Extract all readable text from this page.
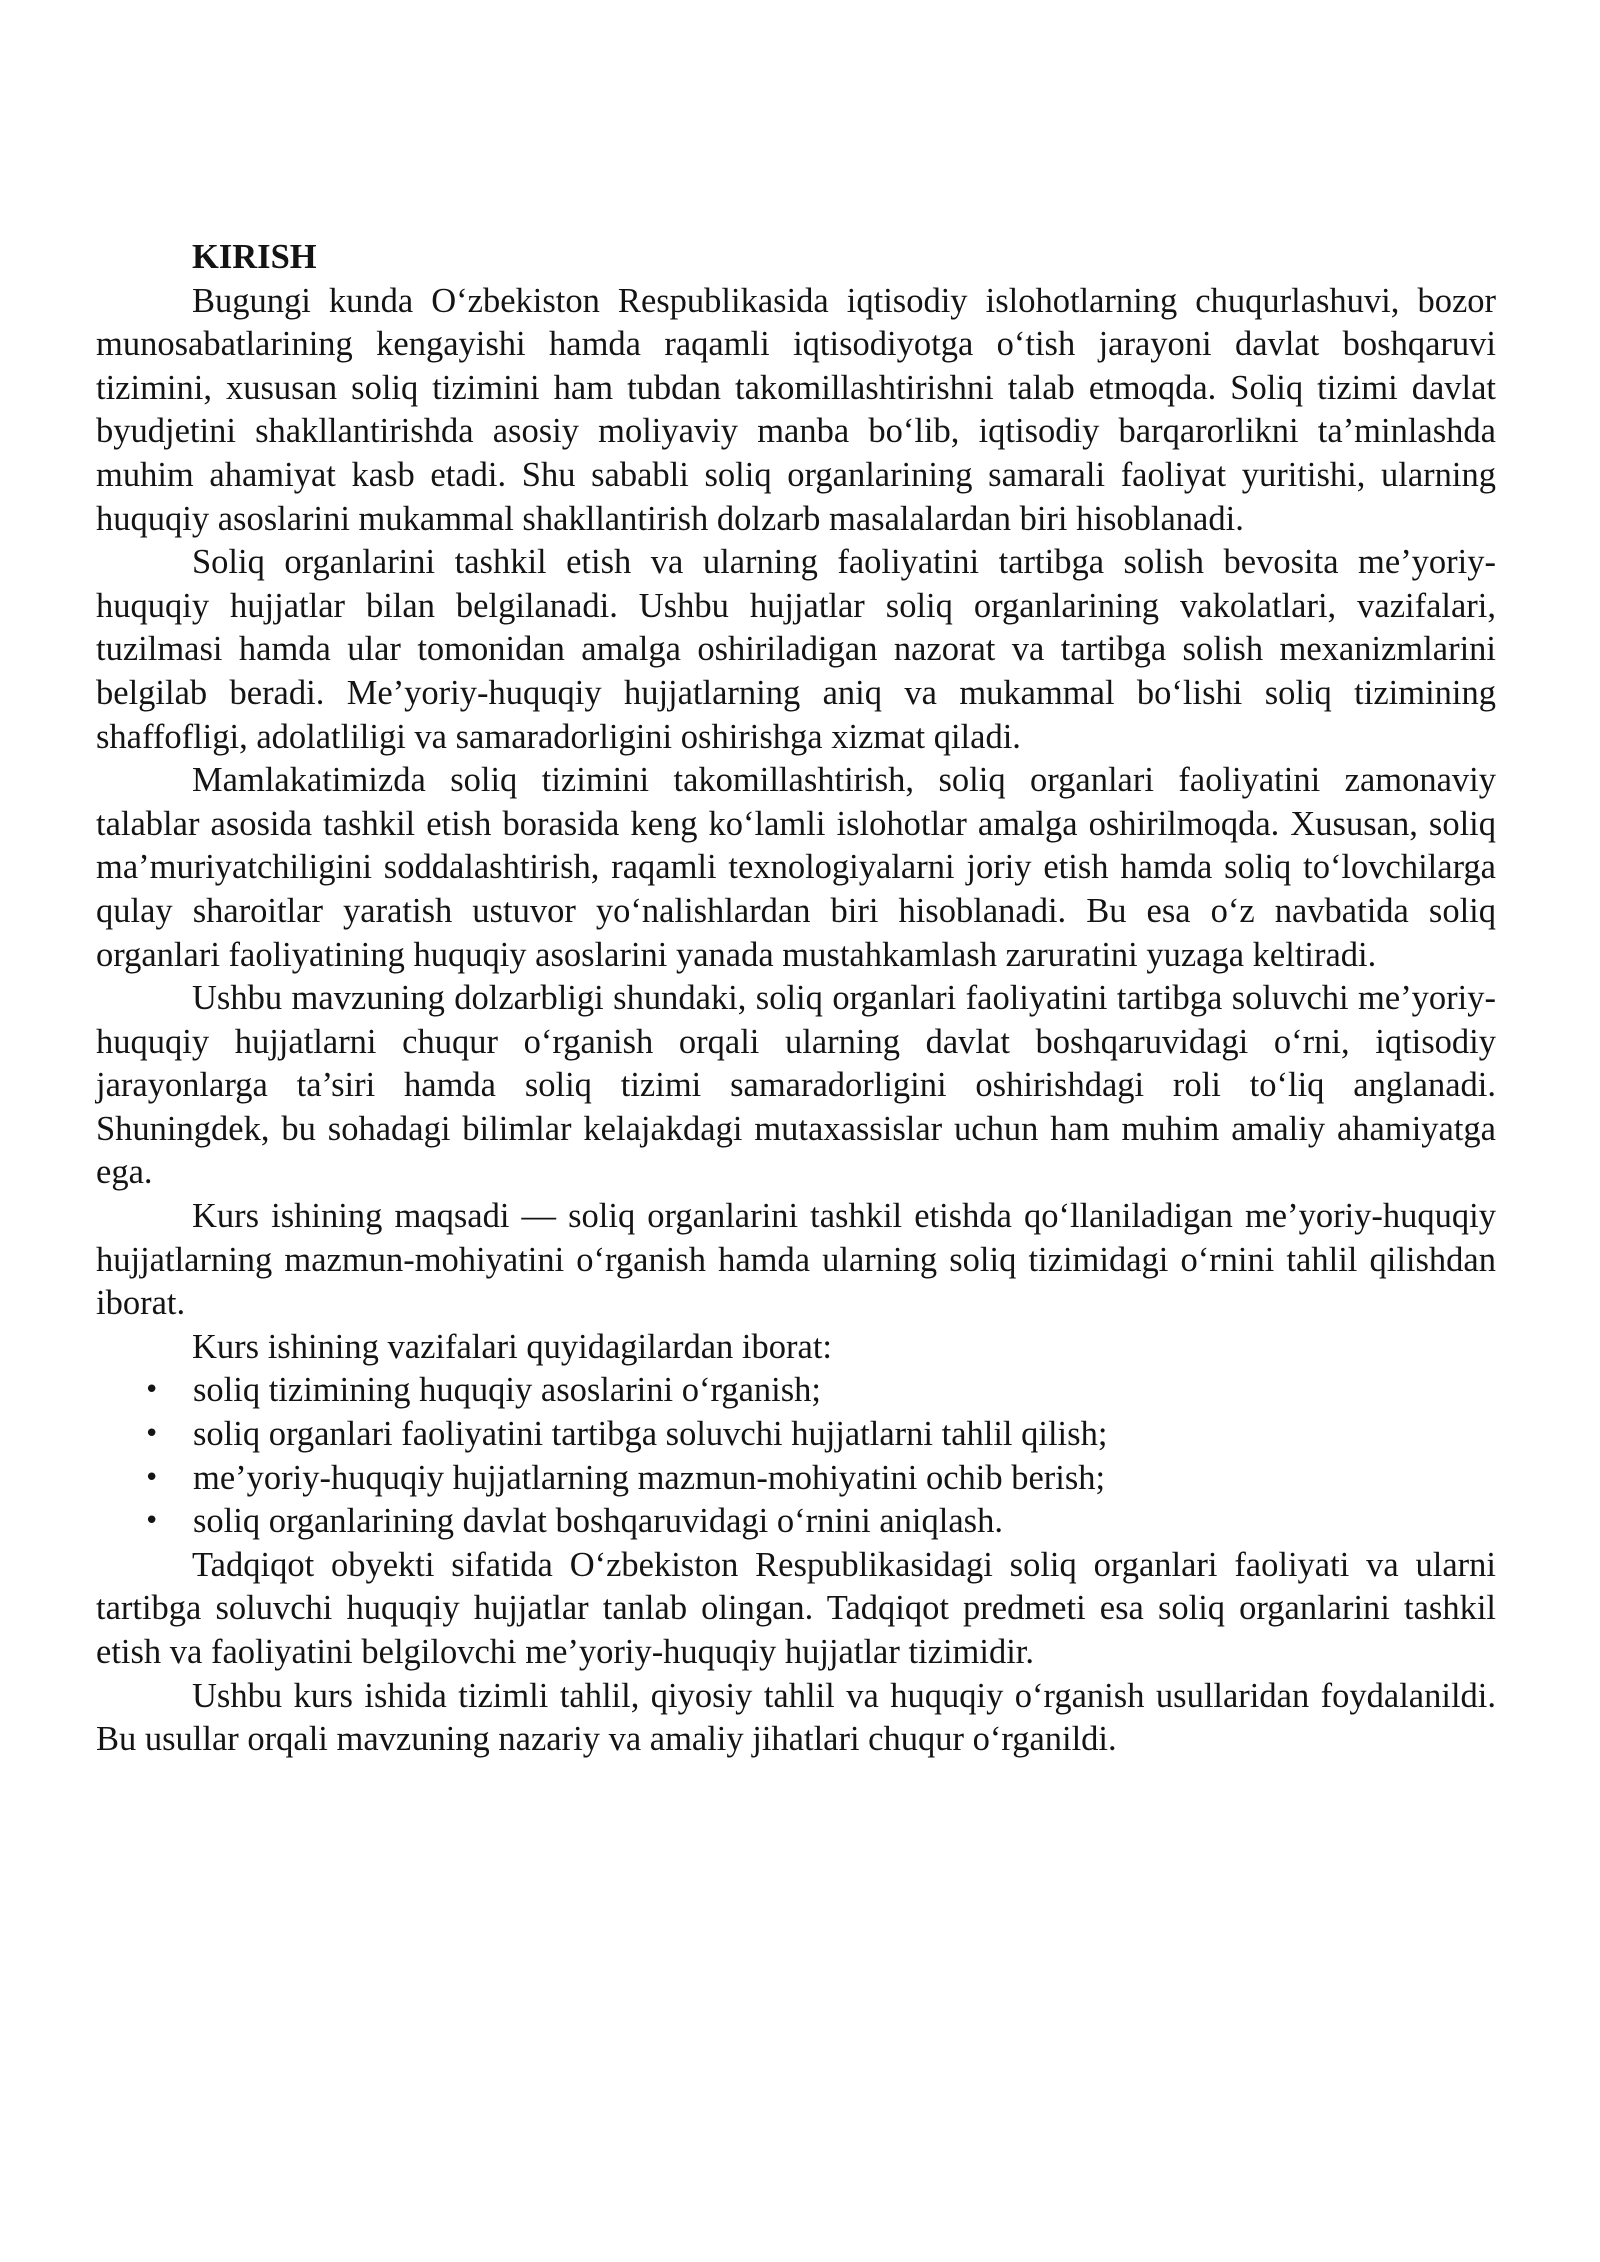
KIRISH

Bugungi kunda O‘zbekiston Respublikasida iqtisodiy islohotlarning chuqurlashuvi, bozor munosabatlarining kengayishi hamda raqamli iqtisodiyotga o‘tish jarayoni davlat boshqaruvi tizimini, xususan soliq tizimini ham tubdan takomillashtirishni talab etmoqda. Soliq tizimi davlat byudjetini shakllantirishda asosiy moliyaviy manba bo‘lib, iqtisodiy barqarorlikni ta’minlashda muhim ahamiyat kasb etadi. Shu sababli soliq organlarining samarali faoliyat yuritishi, ularning huquqiy asoslarini mukammal shakllantirish dolzarb masalalardan biri hisoblanadi.

Soliq organlarini tashkil etish va ularning faoliyatini tartibga solish bevosita me’yoriy-huquqiy hujjatlar bilan belgilanadi. Ushbu hujjatlar soliq organlarining vakolatlari, vazifalari, tuzilmasi hamda ular tomonidan amalga oshiriladigan nazorat va tartibga solish mexanizmlarini belgilab beradi. Me’yoriy-huquqiy hujjatlarning aniq va mukammal bo‘lishi soliq tizimining shaffofligi, adolatliligi va samaradorligini oshirishga xizmat qiladi.

Mamlakatimizda soliq tizimini takomillashtirish, soliq organlari faoliyatini zamonaviy talablar asosida tashkil etish borasida keng ko‘lamli islohotlar amalga oshirilmoqda. Xususan, soliq ma’muriyatchiligini soddalashtirish, raqamli texnologiyalarni joriy etish hamda soliq to‘lovchilarga qulay sharoitlar yaratish ustuvor yo‘nalishlardan biri hisoblanadi. Bu esa o‘z navbatida soliq organlari faoliyatining huquqiy asoslarini yanada mustahkamlash zaruratini yuzaga keltiradi.

Ushbu mavzuning dolzarbligi shundaki, soliq organlari faoliyatini tartibga soluvchi me’yoriy-huquqiy hujjatlarni chuqur o‘rganish orqali ularning davlat boshqaruvidagi o‘rni, iqtisodiy jarayonlarga ta’siri hamda soliq tizimi samaradorligini oshirishdagi roli to‘liq anglanadi. Shuningdek, bu sohadagi bilimlar kelajakdagi mutaxassislar uchun ham muhim amaliy ahamiyatga ega.

Kurs ishining maqsadi — soliq organlarini tashkil etishda qo‘llaniladigan me’yoriy-huquqiy hujjatlarning mazmun-mohiyatini o‘rganish hamda ularning soliq tizimidagi o‘rnini tahlil qilishdan iborat.

Kurs ishining vazifalari quyidagilardan iborat:

• soliq tizimining huquqiy asoslarini o‘rganish;
• soliq organlari faoliyatini tartibga soluvchi hujjatlarni tahlil qilish;
• me’yoriy-huquqiy hujjatlarning mazmun-mohiyatini ochib berish;
• soliq organlarining davlat boshqaruvidagi o‘rnini aniqlash.

Tadqiqot obyekti sifatida O‘zbekiston Respublikasidagi soliq organlari faoliyati va ularni tartibga soluvchi huquqiy hujjatlar tanlab olingan. Tadqiqot predmeti esa soliq organlarini tashkil etish va faoliyatini belgilovchi me’yoriy-huquqiy hujjatlar tizimidir.

Ushbu kurs ishida tizimli tahlil, qiyosiy tahlil va huquqiy o‘rganish usullaridan foydalanildi. Bu usullar orqali mavzuning nazariy va amaliy jihatlari chuqur o‘rganildi.
